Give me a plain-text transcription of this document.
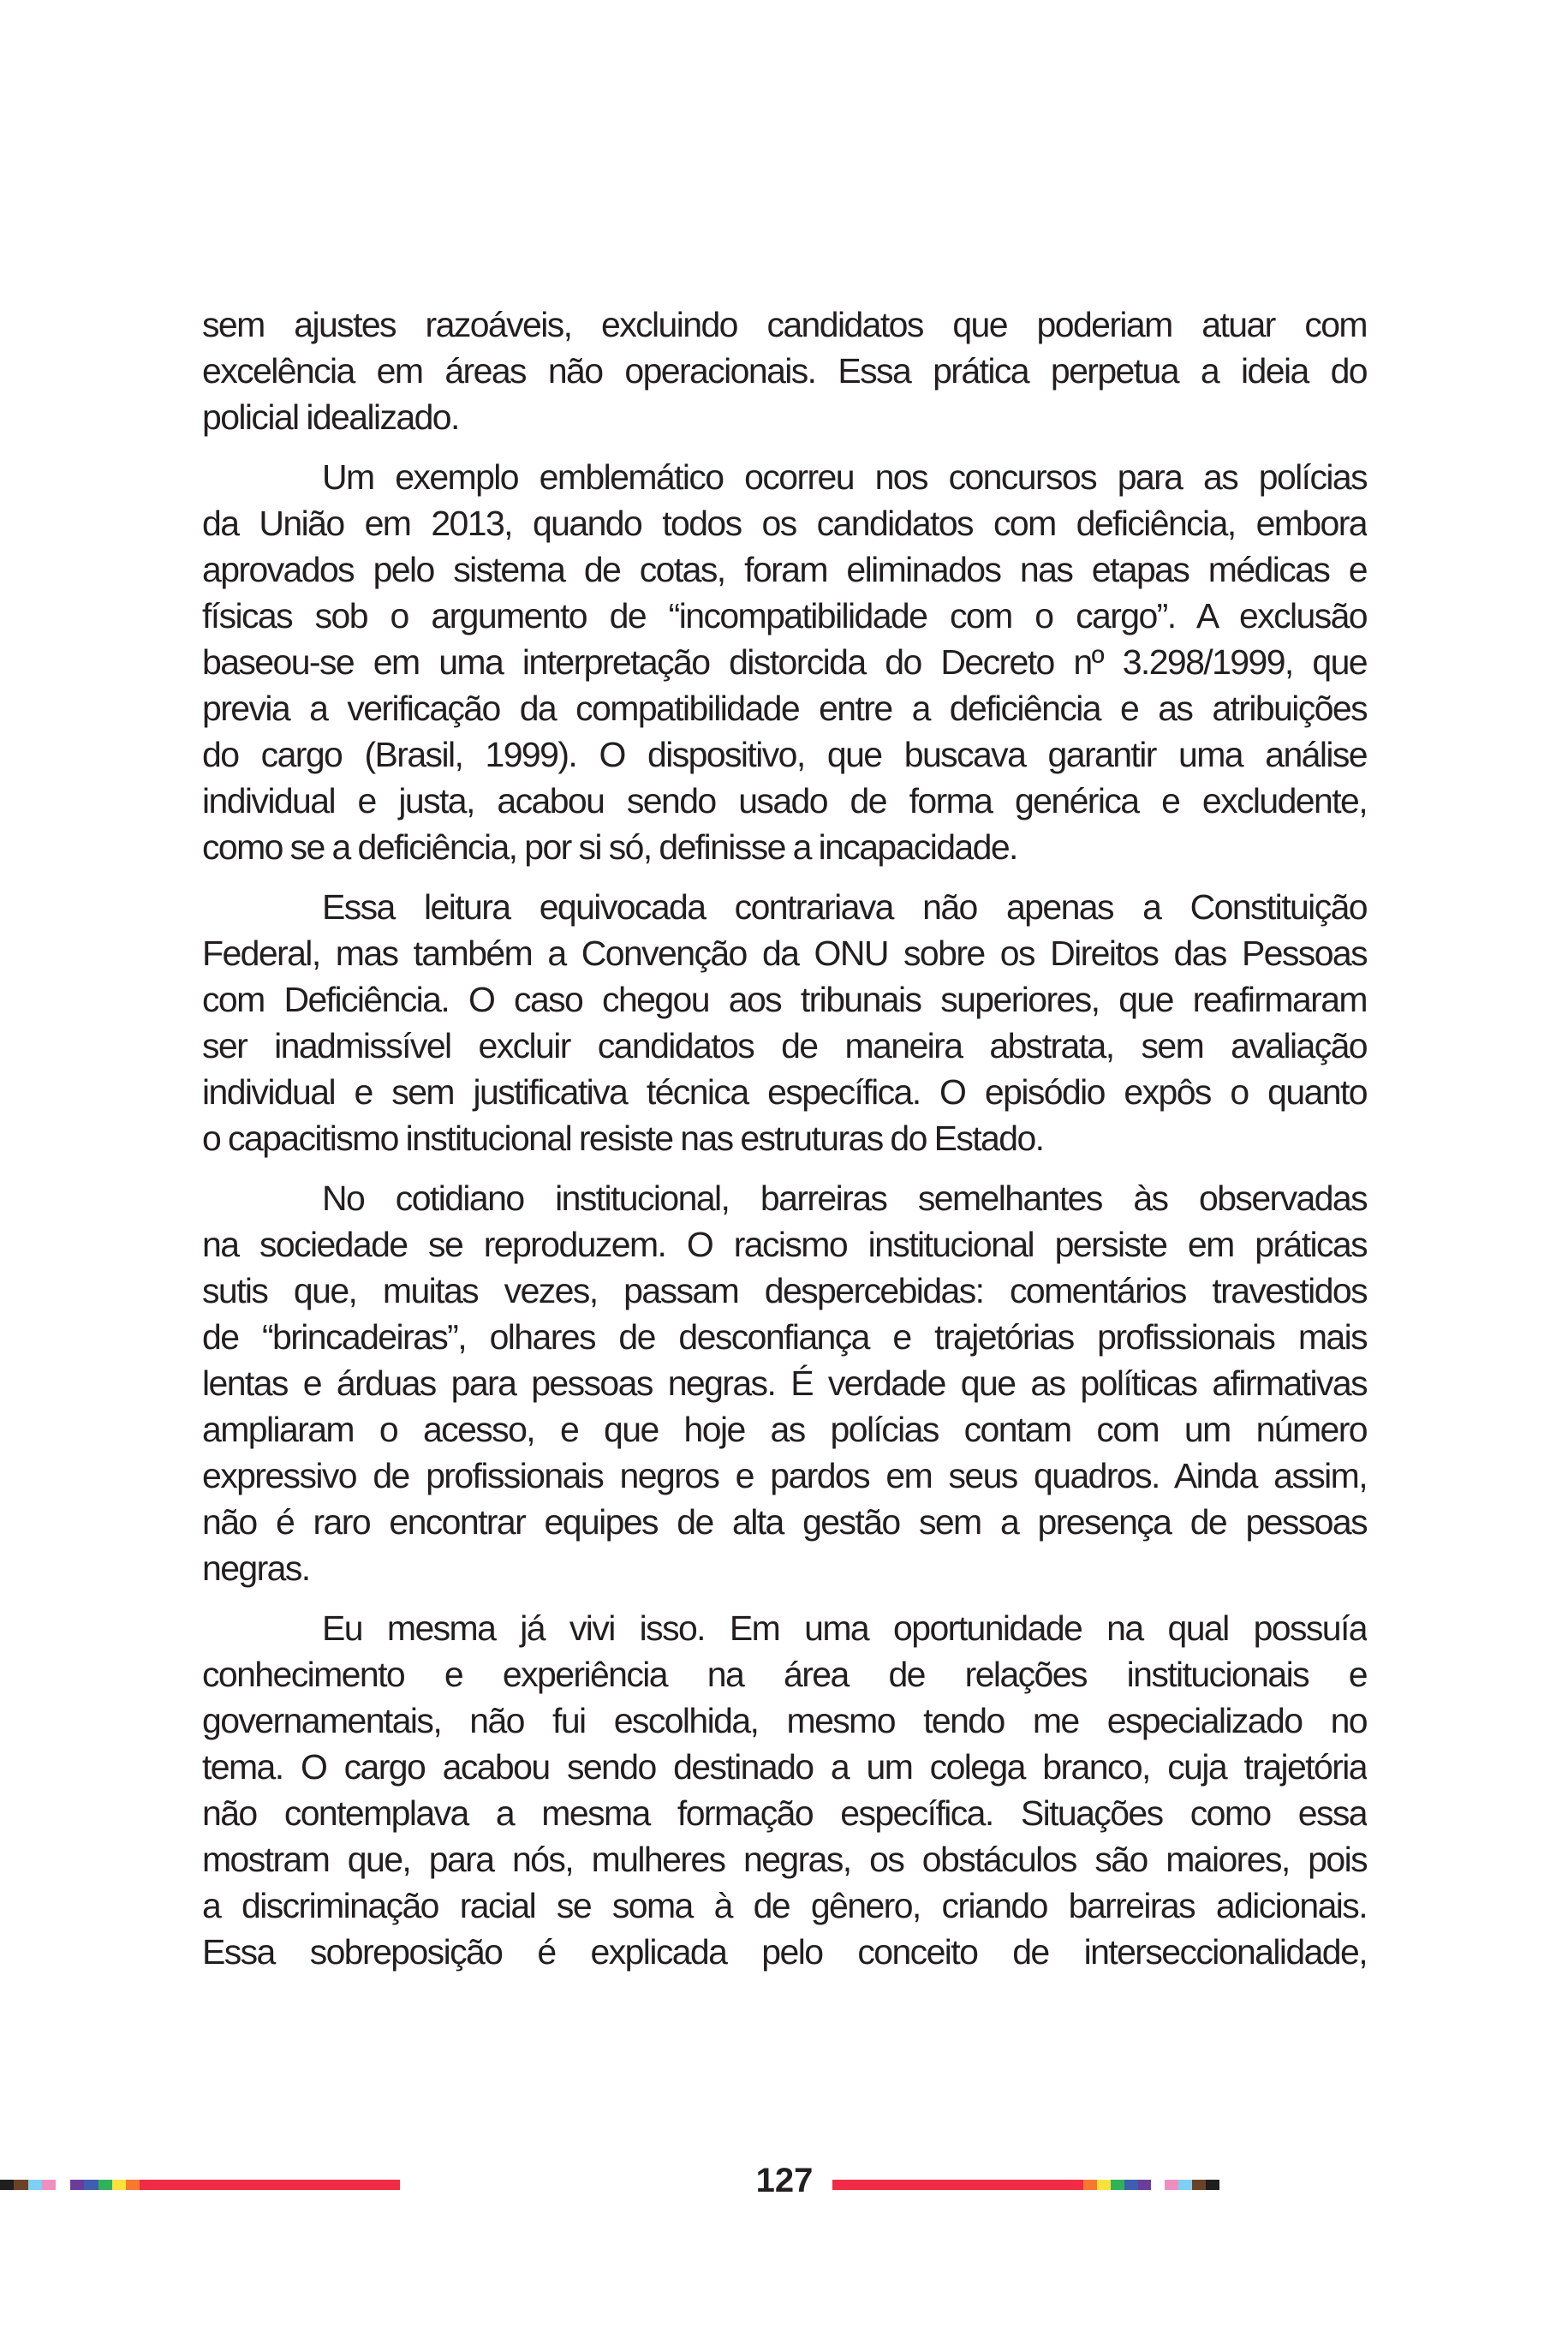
sem ajustes razoáveis, excluindo candidatos que poderiam atuar com
excelência em áreas não operacionais. Essa prática perpetua a ideia do
policial idealizado.

Um exemplo emblemático ocorreu nos concursos para as polícias
da União em 2013, quando todos os candidatos com deficiência, embora
aprovados pelo sistema de cotas, foram eliminados nas etapas médicas e
físicas sob o argumento de “incompatibilidade com o cargo”. A exclusão
baseou-se em uma interpretação distorcida do Decreto nº 3.298/1999, que
previa a verificação da compatibilidade entre a deficiência e as atribuições
do cargo (Brasil, 1999). O dispositivo, que buscava garantir uma análise
individual e justa, acabou sendo usado de forma genérica e excludente,
como se a deficiência, por si só, definisse a incapacidade.

Essa leitura equivocada contrariava não apenas a Constituição
Federal, mas também a Convenção da ONU sobre os Direitos das Pessoas
com Deficiência. O caso chegou aos tribunais superiores, que reafirmaram
ser inadmissível excluir candidatos de maneira abstrata, sem avaliação
individual e sem justificativa técnica específica. O episódio expôs o quanto
o capacitismo institucional resiste nas estruturas do Estado.

No cotidiano institucional, barreiras semelhantes às observadas
na sociedade se reproduzem. O racismo institucional persiste em práticas
sutis que, muitas vezes, passam despercebidas: comentários travestidos
de “brincadeiras”, olhares de desconfiança e trajetórias profissionais mais
lentas e árduas para pessoas negras. É verdade que as políticas afirmativas
ampliaram o acesso, e que hoje as polícias contam com um número
expressivo de profissionais negros e pardos em seus quadros. Ainda assim,
não é raro encontrar equipes de alta gestão sem a presença de pessoas
negras.

Eu mesma já vivi isso. Em uma oportunidade na qual possuía
conhecimento e experiência na área de relações institucionais e
governamentais, não fui escolhida, mesmo tendo me especializado no
tema. O cargo acabou sendo destinado a um colega branco, cuja trajetória
não contemplava a mesma formação específica. Situações como essa
mostram que, para nós, mulheres negras, os obstáculos são maiores, pois
a discriminação racial se soma à de gênero, criando barreiras adicionais.
Essa sobreposição é explicada pelo conceito de interseccionalidade,

127
